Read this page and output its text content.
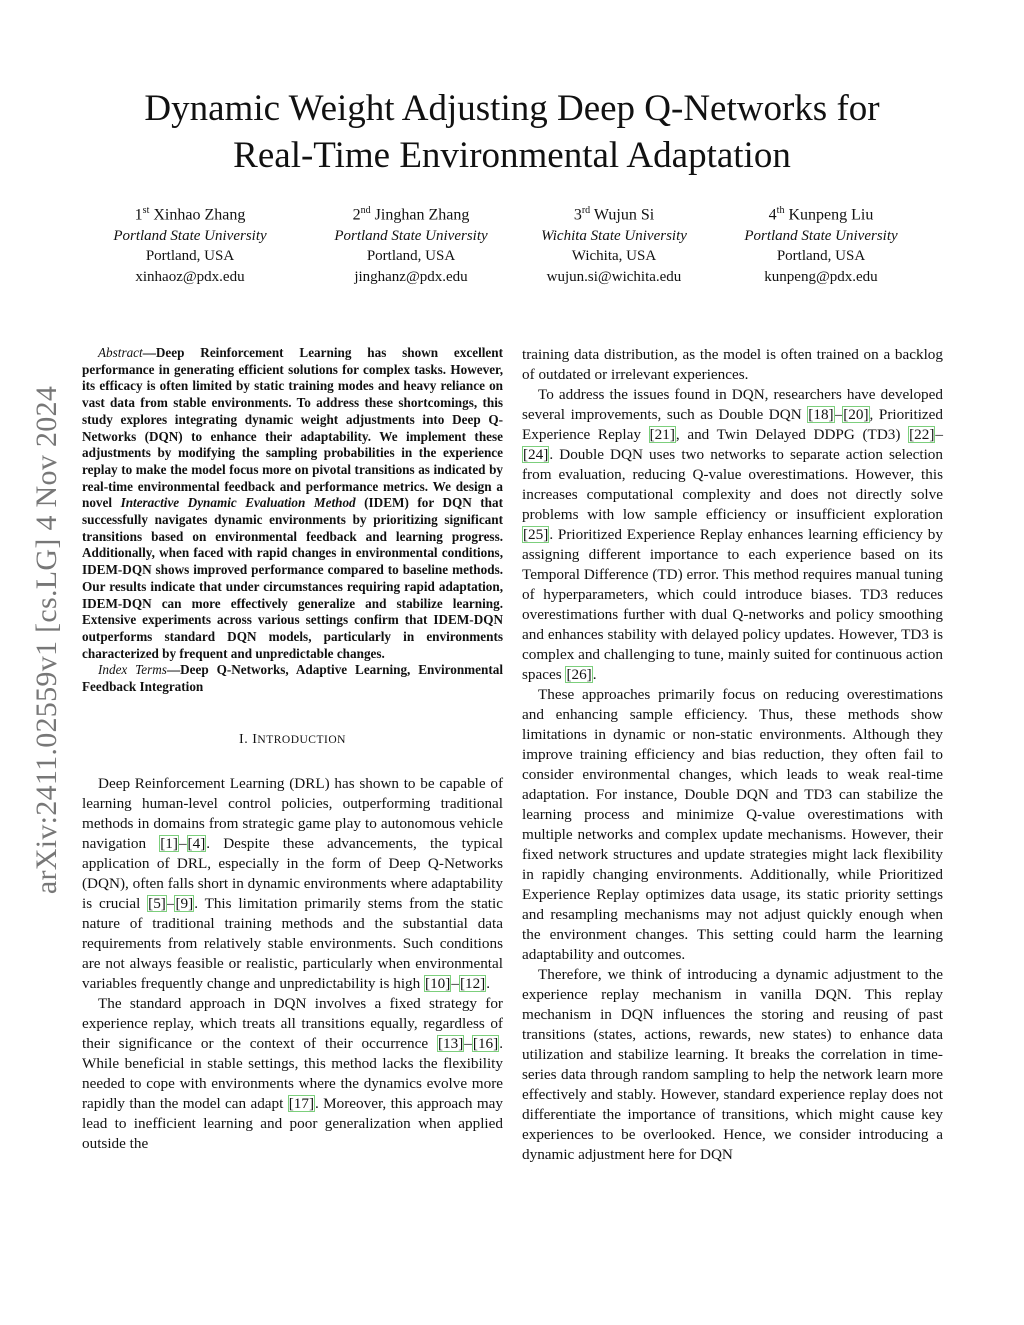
arXiv:2411.02559v1 [cs.LG] 4 Nov 2024
Dynamic Weight Adjusting Deep Q-Networks for
Real-Time Environmental Adaptation
1st Xinhao Zhang
Portland State University
Portland, USA
xinhaoz@pdx.edu
2nd Jinghan Zhang
Portland State University
Portland, USA
jinghanz@pdx.edu
3rd Wujun Si
Wichita State University
Wichita, USA
wujun.si@wichita.edu
4th Kunpeng Liu
Portland State University
Portland, USA
kunpeng@pdx.edu

Abstract—Deep Reinforcement Learning has shown excellent performance in generating efficient solutions for complex tasks. However, its efficacy is often limited by static training modes and heavy reliance on vast data from stable environments. To address these shortcomings, this study explores integrating dynamic weight adjustments into Deep Q-Networks (DQN) to enhance their adaptability. We implement these adjustments by modifying the sampling probabilities in the experience replay to make the model focus more on pivotal transitions as indicated by real-time environmental feedback and performance metrics. We design a novel Interactive Dynamic Evaluation Method (IDEM) for DQN that successfully navigates dynamic environments by prioritizing significant transitions based on environmental feedback and learning progress. Additionally, when faced with rapid changes in environmental conditions, IDEM-DQN shows improved performance compared to baseline methods. Our results indicate that under circumstances requiring rapid adaptation, IDEM-DQN can more effectively generalize and stabilize learning. Extensive experiments across various settings confirm that IDEM-DQN outperforms standard DQN models, particularly in environments characterized by frequent and unpredictable changes.

Index Terms—Deep Q-Networks, Adaptive Learning, Environmental Feedback Integration

I. INTRODUCTION

Deep Reinforcement Learning (DRL) has shown to be capable of learning human-level control policies, outperforming traditional methods in domains from strategic game play to autonomous vehicle navigation [1]–[4]. Despite these advancements, the typical application of DRL, especially in the form of Deep Q-Networks (DQN), often falls short in dynamic environments where adaptability is crucial [5]–[9]. This limitation primarily stems from the static nature of traditional training methods and the substantial data requirements from relatively stable environments. Such conditions are not always feasible or realistic, particularly when environmental variables frequently change and unpredictability is high [10]–[12].

The standard approach in DQN involves a fixed strategy for experience replay, which treats all transitions equally, regardless of their significance or the context of their occurrence [13]–[16]. While beneficial in stable settings, this method lacks the flexibility needed to cope with environments where the dynamics evolve more rapidly than the model can adapt [17]. Moreover, this approach may lead to inefficient learning and poor generalization when applied outside the

training data distribution, as the model is often trained on a backlog of outdated or irrelevant experiences.

To address the issues found in DQN, researchers have developed several improvements, such as Double DQN [18]–[20], Prioritized Experience Replay [21], and Twin Delayed DDPG (TD3) [22]–[24]. Double DQN uses two networks to separate action selection from evaluation, reducing Q-value overestimations. However, this increases computational complexity and does not directly solve problems with low sample efficiency or insufficient exploration [25]. Prioritized Experience Replay enhances learning efficiency by assigning different importance to each experience based on its Temporal Difference (TD) error. This method requires manual tuning of hyperparameters, which could introduce biases. TD3 reduces overestimations further with dual Q-networks and policy smoothing and enhances stability with delayed policy updates. However, TD3 is complex and challenging to tune, mainly suited for continuous action spaces [26].

These approaches primarily focus on reducing overestimations and enhancing sample efficiency. Thus, these methods show limitations in dynamic or non-static environments. Although they improve training efficiency and bias reduction, they often fail to consider environmental changes, which leads to weak real-time adaptation. For instance, Double DQN and TD3 can stabilize the learning process and minimize Q-value overestimations with multiple networks and complex update mechanisms. However, their fixed network structures and update strategies might lack flexibility in rapidly changing environments. Additionally, while Prioritized Experience Replay optimizes data usage, its static priority settings and resampling mechanisms may not adjust quickly enough when the environment changes. This setting could harm the learning adaptability and outcomes.

Therefore, we think of introducing a dynamic adjustment to the experience replay mechanism in vanilla DQN. This replay mechanism in DQN influences the storing and reusing of past transitions (states, actions, rewards, new states) to enhance data utilization and stabilize learning. It breaks the correlation in time-series data through random sampling to help the network learn more effectively and stably. However, standard experience replay does not differentiate the importance of transitions, which might cause key experiences to be overlooked. Hence, we consider introducing a dynamic adjustment here for DQN
